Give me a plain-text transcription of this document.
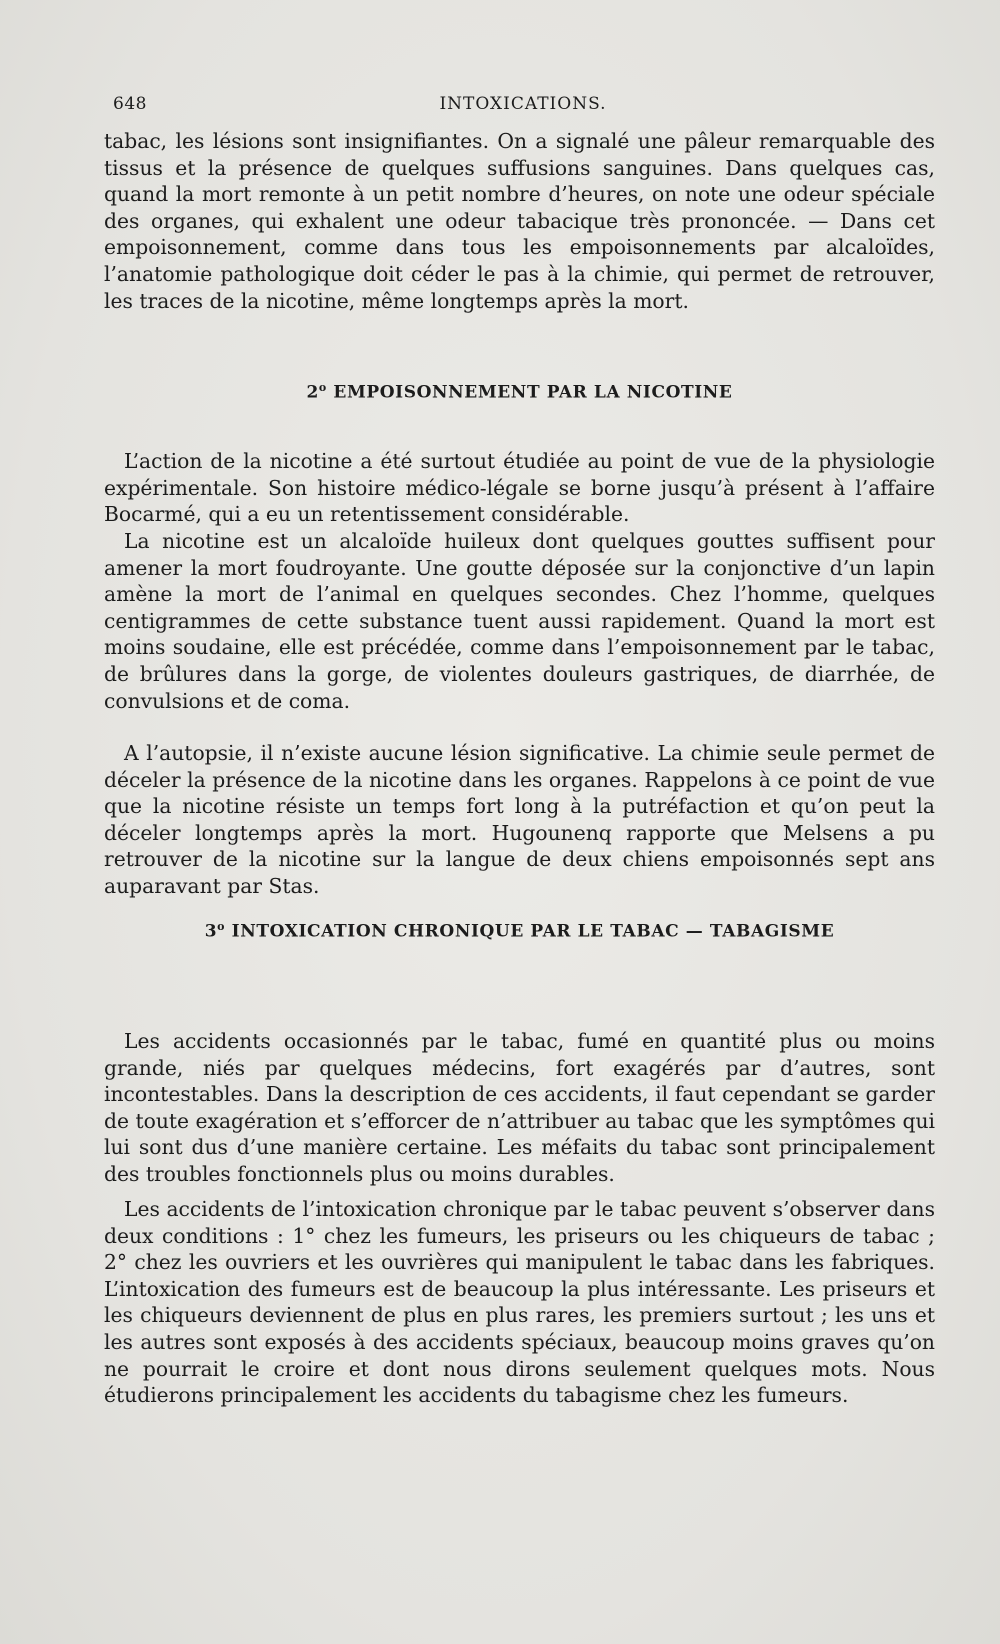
648	INTOXICATIONS.

tabac, les lésions sont insignifiantes. On a signalé une pâleur remarquable des tissus et la présence de quelques suffusions sanguines. Dans quelques cas, quand la mort remonte à un petit nombre d’heures, on note une odeur spéciale des organes, qui exhalent une odeur tabacique très prononcée. — Dans cet empoisonnement, comme dans tous les empoisonnements par alcaloïdes, l’anatomie pathologique doit céder le pas à la chimie, qui permet de retrouver, les traces de la nicotine, même longtemps après la mort.

2$^o$ EMPOISONNEMENT PAR LA NICOTINE

L’action de la nicotine a été surtout étudiée au point de vue de la physiologie expérimentale. Son histoire médico-légale se borne jusqu’à présent à l’affaire Bocarmé, qui a eu un retentissement considérable.

La nicotine est un alcaloïde huileux dont quelques gouttes suffisent pour amener la mort foudroyante. Une goutte déposée sur la conjonctive d’un lapin amène la mort de l’animal en quelques secondes. Chez l’homme, quelques centigrammes de cette substance tuent aussi rapidement. Quand la mort est moins soudaine, elle est précédée, comme dans l’empoisonnement par le tabac, de brûlures dans la gorge, de violentes douleurs gastriques, de diarrhée, de convulsions et de coma.

A l’autopsie, il n’existe aucune lésion significative. La chimie seule permet de déceler la présence de la nicotine dans les organes. Rappelons à ce point de vue que la nicotine résiste un temps fort long à la putréfaction et qu’on peut la déceler longtemps après la mort. Hugounenq rapporte que Melsens a pu retrouver de la nicotine sur la langue de deux chiens empoisonnés sept ans auparavant par Stas.

3$^o$ INTOXICATION CHRONIQUE PAR LE TABAC — TABAGISME

Les accidents occasionnés par le tabac, fumé en quantité plus ou moins grande, niés par quelques médecins, fort exagérés par d’autres, sont incontestables. Dans la description de ces accidents, il faut cependant se garder de toute exagération et s’efforcer de n’attribuer au tabac que les symptômes qui lui sont dus d’une manière certaine. Les méfaits du tabac sont principalement des troubles fonctionnels plus ou moins durables.

Les accidents de l’intoxication chronique par le tabac peuvent s’observer dans deux conditions : 1° chez les fumeurs, les priseurs ou les chiqueurs de tabac ; 2° chez les ouvriers et les ouvrières qui manipulent le tabac dans les fabriques. L’intoxication des fumeurs est de beaucoup la plus intéressante. Les priseurs et les chiqueurs deviennent de plus en plus rares, les premiers surtout ; les uns et les autres sont exposés à des accidents spéciaux, beaucoup moins graves qu’on ne pourrait le croire et dont nous dirons seulement quelques mots. Nous étudierons principalement les accidents du tabagisme chez les fumeurs.
